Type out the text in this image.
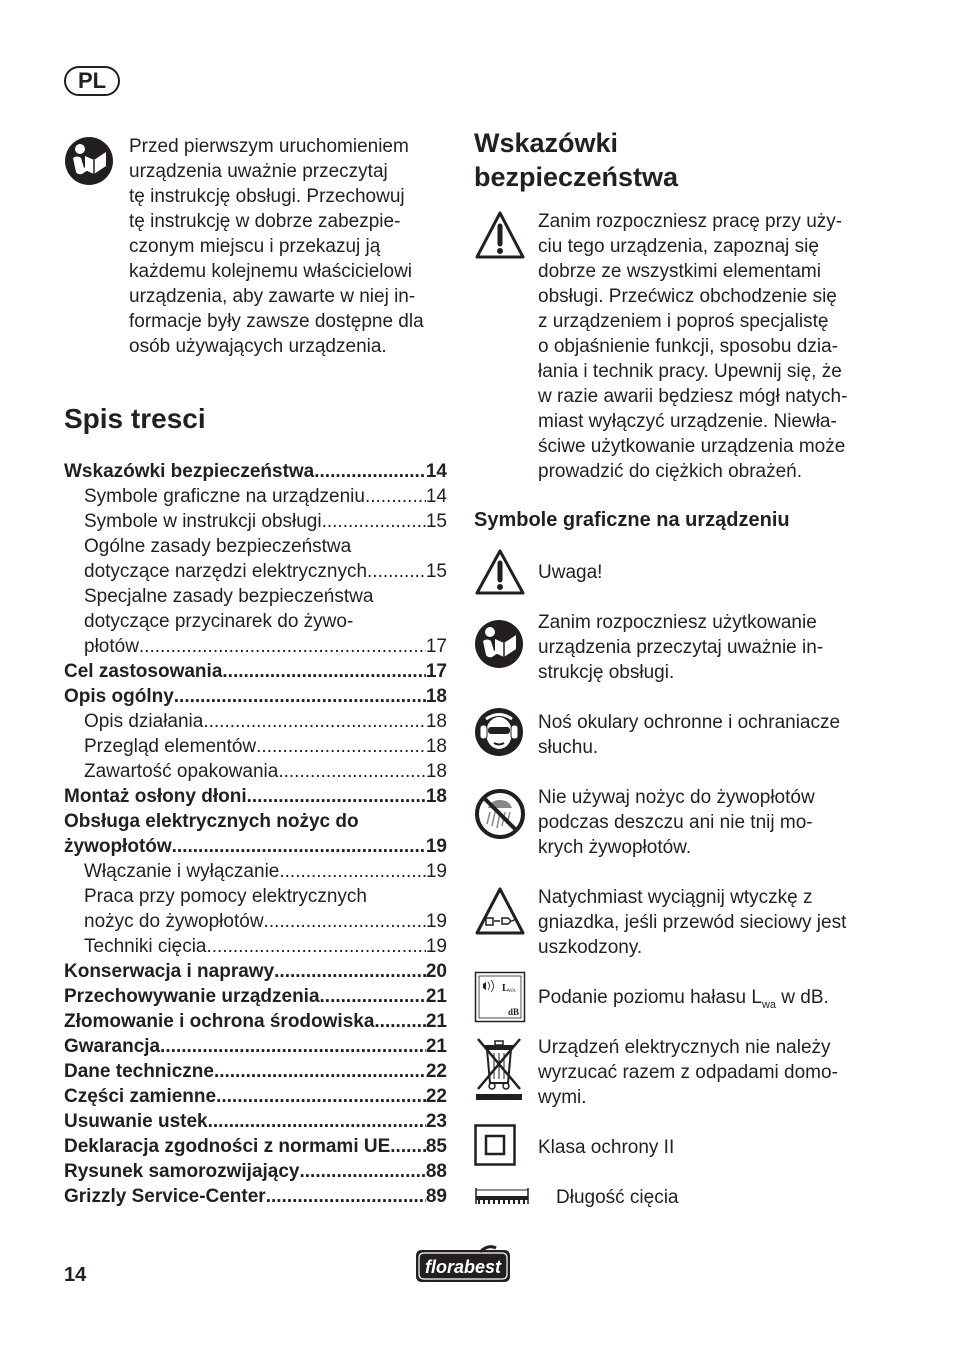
PL
Przed pierwszym uruchomieniem
urządzenia uważnie przeczytaj
tę instrukcję obsługi. Przechowuj
tę instrukcję w dobrze zabezpie-
czonym miejscu i przekazuj ją
każdemu kolejnemu właścicielowi
urządzenia, aby zawarte w niej in-
formacje były zawsze dostępne dla
osób używających urządzenia.
Spis tresci
Wskazówki bezpieczeństwa .....	14
Symbole graficzne na urządzeniu .....	14
Symbole w instrukcji obsługi .....	15
Ogólne zasady bezpieczeństwa
dotyczące narzędzi elektrycznych .....	15
Specjalne zasady bezpieczeństwa
dotyczące przycinarek do żywo-
płotów .....	17
Cel zastosowania .....	17
Opis ogólny .....	18
Opis działania .....	18
Przegląd elementów .....	18
Zawartość opakowania .....	18
Montaż osłony dłoni .....	18
Obsługa elektrycznych nożyc do
żywopłotów .....	19
Włączanie i wyłączanie .....	19
Praca przy pomocy elektrycznych
nożyc do żywopłotów .....	19
Techniki cięcia .....	19
Konserwacja i naprawy .....	20
Przechowywanie urządzenia .....	21
Złomowanie i ochrona środowiska .....	21
Gwarancja .....	21
Dane techniczne .....	22
Części zamienne .....	22
Usuwanie ustek .....	23
Deklaracja zgodności z normami UE ..... 85
Rysunek samorozwijający .....	88
Grizzly Service-Center .....	89
Wskazówki
bezpieczeństwa
Zanim rozpoczniesz pracę przy uży-
ciu tego urządzenia, zapoznaj się
dobrze ze wszystkimi elementami
obsługi. Przećwicz obchodzenie się
z urządzeniem i poproś specjalistę
o objaśnienie funkcji, sposobu dzia-
łania i technik pracy. Upewnij się, że
w razie awarii będziesz mógł natych-
miast wyłączyć urządzenie. Niewła-
ściwe użytkowanie urządzenia może
prowadzić do ciężkich obrażeń.
Symbole graficzne na urządzeniu
L WA
dB
Uwaga!
Zanim rozpoczniesz użytkowanie
urządzenia przeczytaj uważnie in-
strukcję obsługi.
Noś okulary ochronne i ochraniacze
słuchu.
Nie używaj nożyc do żywopłotów
podczas deszczu ani nie tnij mo-
krych żywopłotów.
Natychmiast wyciągnij wtyczkę z
gniazdka, jeśli przewód sieciowy jest
uszkodzony.
Podanie poziomu hałasu $L_{wa}$ w dB.
Urządzeń elektrycznych nie należy
wyrzucać razem z odpadami domo-
wymi.
Klasa ochrony II
Długość cięcia
14	florabest
